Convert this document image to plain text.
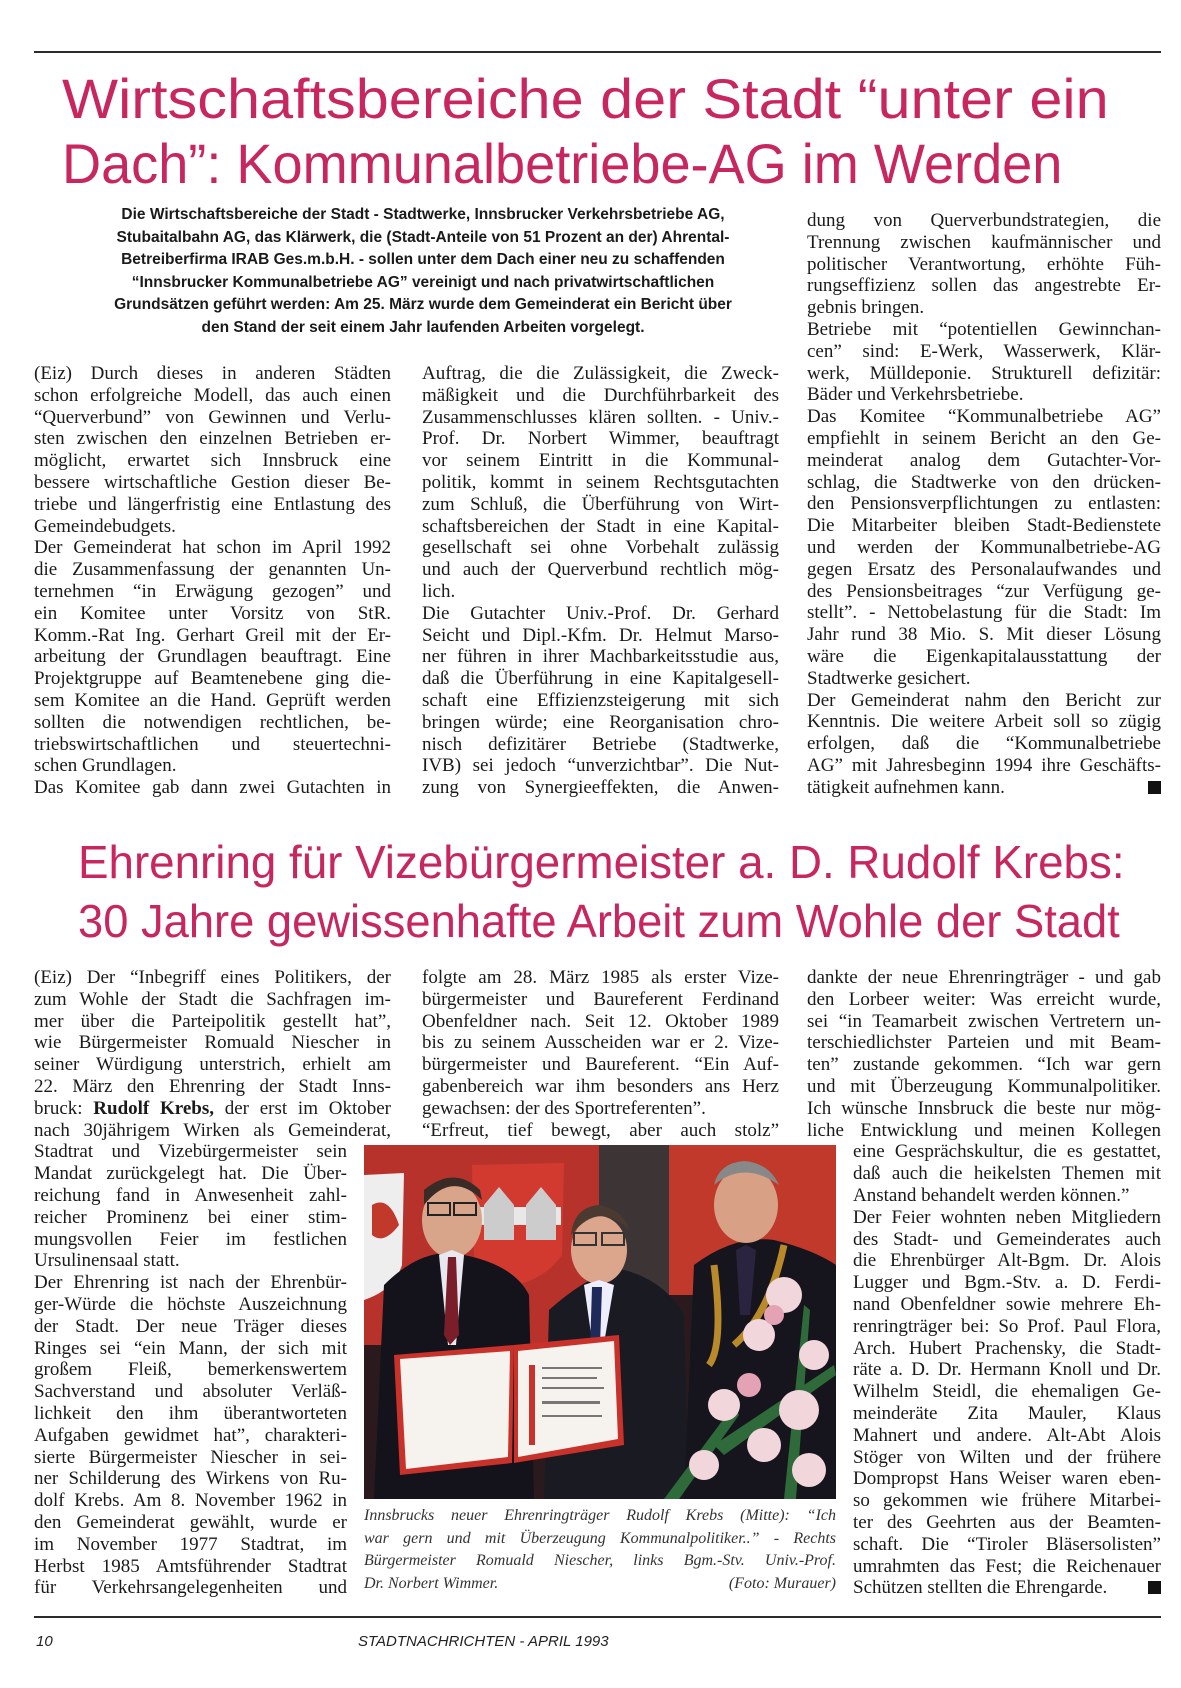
Wirtschaftsbereiche der Stadt “unter ein
Dach”: Kommunalbetriebe-AG im Werden
Die Wirtschaftsbereiche der Stadt - Stadtwerke, Innsbrucker Verkehrsbetriebe AG,
Stubaitalbahn AG, das Klärwerk, die (Stadt-Anteile von 51 Prozent an der) Ahrental-
Betreiberfirma IRAB Ges.m.b.H. - sollen unter dem Dach einer neu zu schaffenden
“Innsbrucker Kommunalbetriebe AG” vereinigt und nach privatwirtschaftlichen
Grundsätzen geführt werden: Am 25. März wurde dem Gemeinderat ein Bericht über
den Stand der seit einem Jahr laufenden Arbeiten vorgelegt.
(Eiz) Durch dieses in anderen Städten
schon erfolgreiche Modell, das auch einen
“Querverbund” von Gewinnen und Verlu-
sten zwischen den einzelnen Betrieben er-
möglicht, erwartet sich Innsbruck eine
bessere wirtschaftliche Gestion dieser Be-
triebe und längerfristig eine Entlastung des
Gemeindebudgets.
Der Gemeinderat hat schon im April 1992
die Zusammenfassung der genannten Un-
ternehmen “in Erwägung gezogen” und
ein Komitee unter Vorsitz von StR.
Komm.-Rat Ing. Gerhart Greil mit der Er-
arbeitung der Grundlagen beauftragt. Eine
Projektgruppe auf Beamtenebene ging die-
sem Komitee an die Hand. Geprüft werden
sollten die notwendigen rechtlichen, be-
triebswirtschaftlichen und steuertechni-
schen Grundlagen.
Das Komitee gab dann zwei Gutachten in
Auftrag, die die Zulässigkeit, die Zweck-
mäßigkeit und die Durchführbarkeit des
Zusammenschlusses klären sollten. - Univ.-
Prof. Dr. Norbert Wimmer, beauftragt
vor seinem Eintritt in die Kommunal-
politik, kommt in seinem Rechtsgutachten
zum Schluß, die Überführung von Wirt-
schaftsbereichen der Stadt in eine Kapital-
gesellschaft sei ohne Vorbehalt zulässig
und auch der Querverbund rechtlich mög-
lich.
Die Gutachter Univ.-Prof. Dr. Gerhard
Seicht und Dipl.-Kfm. Dr. Helmut Marso-
ner führen in ihrer Machbarkeitsstudie aus,
daß die Überführung in eine Kapitalgesell-
schaft eine Effizienzsteigerung mit sich
bringen würde; eine Reorganisation chro-
nisch defizitärer Betriebe (Stadtwerke,
IVB) sei jedoch “unverzichtbar”. Die Nut-
zung von Synergieeffekten, die Anwen-
dung von Querverbundstrategien, die
Trennung zwischen kaufmännischer und
politischer Verantwortung, erhöhte Füh-
rungseffizienz sollen das angestrebte Er-
gebnis bringen.
Betriebe mit “potentiellen Gewinnchan-
cen” sind: E-Werk, Wasserwerk, Klär-
werk, Mülldeponie. Strukturell defizitär:
Bäder und Verkehrsbetriebe.
Das Komitee “Kommunalbetriebe AG”
empfiehlt in seinem Bericht an den Ge-
meinderat analog dem Gutachter-Vor-
schlag, die Stadtwerke von den drücken-
den Pensionsverpflichtungen zu entlasten:
Die Mitarbeiter bleiben Stadt-Bedienstete
und werden der Kommunalbetriebe-AG
gegen Ersatz des Personalaufwandes und
des Pensionsbeitrages “zur Verfügung ge-
stellt”. - Nettobelastung für die Stadt: Im
Jahr rund 38 Mio. S. Mit dieser Lösung
wäre die Eigenkapitalausstattung der
Stadtwerke gesichert.
Der Gemeinderat nahm den Bericht zur
Kenntnis. Die weitere Arbeit soll so zügig
erfolgen, daß die “Kommunalbetriebe
AG” mit Jahresbeginn 1994 ihre Geschäfts-
tätigkeit aufnehmen kann.
Ehrenring für Vizebürgermeister a. D. Rudolf Krebs:
30 Jahre gewissenhafte Arbeit zum Wohle der Stadt
(Eiz) Der “Inbegriff eines Politikers, der
zum Wohle der Stadt die Sachfragen im-
mer über die Parteipolitik gestellt hat”,
wie Bürgermeister Romuald Niescher in
seiner Würdigung unterstrich, erhielt am
22. März den Ehrenring der Stadt Inns-
bruck: Rudolf Krebs, der erst im Oktober
nach 30jährigem Wirken als Gemeinderat,
Stadtrat und Vizebürgermeister sein
Mandat zurückgelegt hat. Die Über-
reichung fand in Anwesenheit zahl-
reicher Prominenz bei einer stim-
mungsvollen Feier im festlichen
Ursulinensaal statt.
Der Ehrenring ist nach der Ehrenbür-
ger-Würde die höchste Auszeichnung
der Stadt. Der neue Träger dieses
Ringes sei “ein Mann, der sich mit
großem Fleiß, bemerkenswertem
Sachverstand und absoluter Verläß-
lichkeit den ihm überantworteten
Aufgaben gewidmet hat”, charakteri-
sierte Bürgermeister Niescher in sei-
ner Schilderung des Wirkens von Ru-
dolf Krebs. Am 8. November 1962 in
den Gemeinderat gewählt, wurde er
im November 1977 Stadtrat, im
Herbst 1985 Amtsführender Stadtrat
für Verkehrsangelegenheiten und
folgte am 28. März 1985 als erster Vize-
bürgermeister und Baureferent Ferdinand
Obenfeldner nach. Seit 12. Oktober 1989
bis zu seinem Ausscheiden war er 2. Vize-
bürgermeister und Baureferent. “Ein Auf-
gabenbereich war ihm besonders ans Herz
gewachsen: der des Sportreferenten”.
“Erfreut, tief bewegt, aber auch stolz”
dankte der neue Ehrenringträger - und gab
den Lorbeer weiter: Was erreicht wurde,
sei “in Teamarbeit zwischen Vertretern un-
terschiedlichster Parteien und mit Beam-
ten” zustande gekommen. “Ich war gern
und mit Überzeugung Kommunalpolitiker.
Ich wünsche Innsbruck die beste nur mög-
liche Entwicklung und meinen Kollegen
eine Gesprächskultur, die es gestattet,
daß auch die heikelsten Themen mit
Anstand behandelt werden können.”
Der Feier wohnten neben Mitgliedern
des Stadt- und Gemeinderates auch
die Ehrenbürger Alt-Bgm. Dr. Alois
Lugger und Bgm.-Stv. a. D. Ferdi-
nand Obenfeldner sowie mehrere Eh-
renringträger bei: So Prof. Paul Flora,
Arch. Hubert Prachensky, die Stadt-
räte a. D. Dr. Hermann Knoll und Dr.
Wilhelm Steidl, die ehemaligen Ge-
meinderäte Zita Mauler, Klaus
Mahnert und andere. Alt-Abt Alois
Stöger von Wilten und der frühere
Dompropst Hans Weiser waren eben-
so gekommen wie frühere Mitarbei-
ter des Geehrten aus der Beamten-
schaft. Die “Tiroler Bläsersolisten”
umrahmten das Fest; die Reichenauer
Schützen stellten die Ehrengarde.
Innsbrucks neuer Ehrenringträger Rudolf Krebs (Mitte): “Ich
war gern und mit Überzeugung Kommunalpolitiker..” - Rechts
Bürgermeister Romuald Niescher, links Bgm.-Stv. Univ.-Prof.
Dr. Norbert Wimmer.	(Foto: Murauer)
10	STADTNACHRICHTEN - APRIL 1993
